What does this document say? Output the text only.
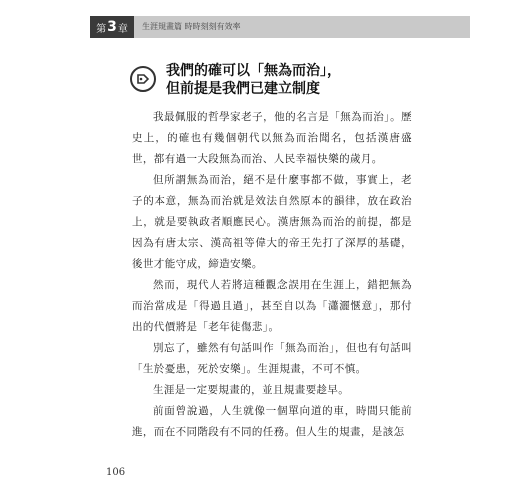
第 3 章 生涯規畫篇 時時刻刻有效率
我們的確可以「無為而治」，
但前提是我們已建立制度

我最佩服的哲學家老子，他的名言是「無為而治」。歷史上，的確也有幾個朝代以無為而治聞名，包括漢唐盛世，都有過一大段無為而治、人民幸福快樂的歲月。

但所謂無為而治，絕不是什麼事都不做，事實上，老子的本意，無為而治就是效法自然原本的韻律，放在政治上，就是要執政者順應民心。漢唐無為而治的前提，都是因為有唐太宗、漢高祖等偉大的帝王先打了深厚的基礎，後世才能守成，締造安樂。

然而，現代人若將這種觀念誤用在生涯上，錯把無為而治當成是「得過且過」，甚至自以為「瀟灑愜意」，那付出的代價將是「老年徒傷悲」。

別忘了，雖然有句話叫作「無為而治」，但也有句話叫「生於憂患，死於安樂」。生涯規畫，不可不慎。

生涯是一定要規畫的，並且規畫要趁早。

前面曾說過，人生就像一個單向道的車，時間只能前進，而在不同階段有不同的任務。但人生的規畫，是該怎

106
